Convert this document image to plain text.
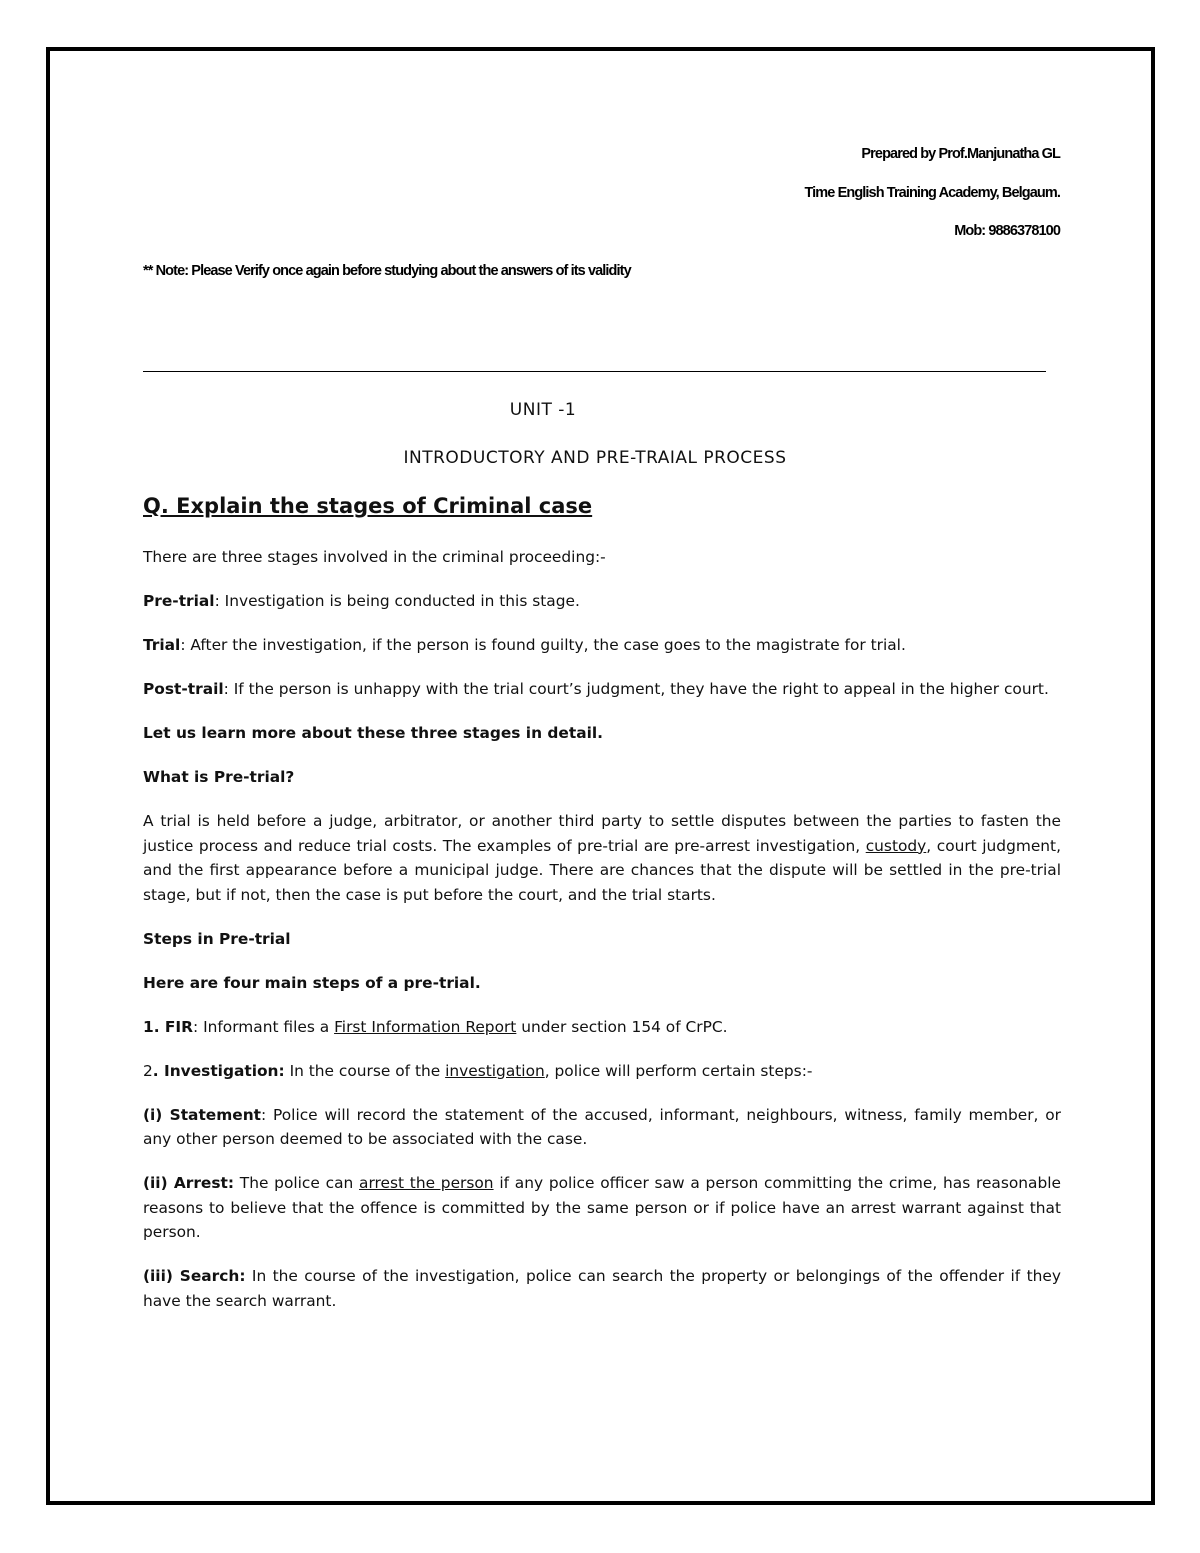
Prepared by Prof.Manjunatha GL
Time English Training Academy, Belgaum.
Mob: 9886378100
** Note: Please Verify once again before studying about the answers of its validity
UNIT -1
INTRODUCTORY AND PRE-TRAIAL PROCESS
Q. Explain the stages of Criminal case

There are three stages involved in the criminal proceeding:-

Pre-trial: Investigation is being conducted in this stage.

Trial: After the investigation, if the person is found guilty, the case goes to the magistrate for trial.

Post-trail: If the person is unhappy with the trial court’s judgment, they have the right to appeal in the higher court.

Let us learn more about these three stages in detail.

What is Pre-trial?

A trial is held before a judge, arbitrator, or another third party to settle disputes between the parties to fasten the justice process and reduce trial costs. The examples of pre-trial are pre-arrest investigation, custody, court judgment, and the first appearance before a municipal judge. There are chances that the dispute will be settled in the pre-trial stage, but if not, then the case is put before the court, and the trial starts.

Steps in Pre-trial

Here are four main steps of a pre-trial.

1. FIR: Informant files a First Information Report under section 154 of CrPC.

2. Investigation: In the course of the investigation, police will perform certain steps:-

(i) Statement: Police will record the statement of the accused, informant, neighbours, witness, family member, or any other person deemed to be associated with the case.

(ii) Arrest: The police can arrest the person if any police officer saw a person committing the crime, has reasonable reasons to believe that the offence is committed by the same person or if police have an arrest warrant against that person.

(iii) Search: In the course of the investigation, police can search the property or belongings of the offender if they have the search warrant.
